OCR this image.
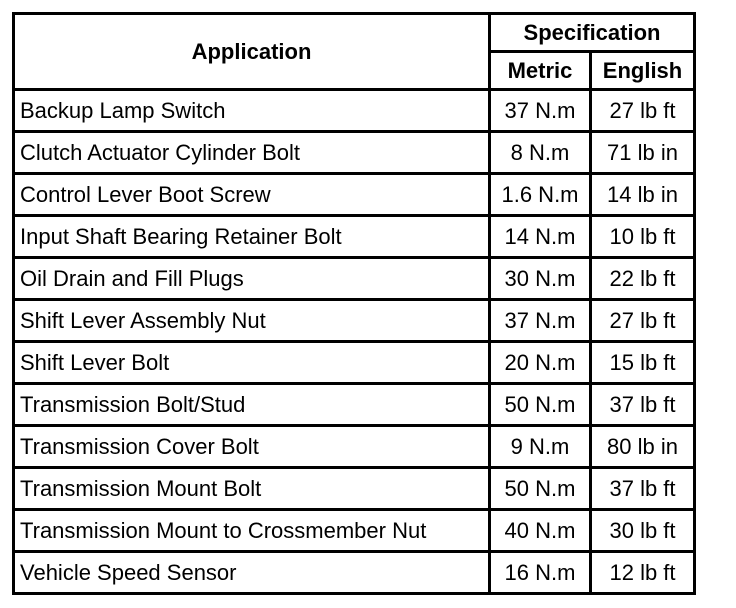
Application	Specification	
	Metric	English
Backup Lamp Switch	37 N.m	27 lb ft
Clutch Actuator Cylinder Bolt	8 N.m	71 lb in
Control Lever Boot Screw	1.6 N.m	14 lb in
Input Shaft Bearing Retainer Bolt	14 N.m	10 lb ft
Oil Drain and Fill Plugs	30 N.m	22 lb ft
Shift Lever Assembly Nut	37 N.m	27 lb ft
Shift Lever Bolt	20 N.m	15 lb ft
Transmission Bolt/Stud	50 N.m	37 lb ft
Transmission Cover Bolt	9 N.m	80 lb in
Transmission Mount Bolt	50 N.m	37 lb ft
Transmission Mount to Crossmember Nut	40 N.m	30 lb ft
Vehicle Speed Sensor	16 N.m	12 lb ft
